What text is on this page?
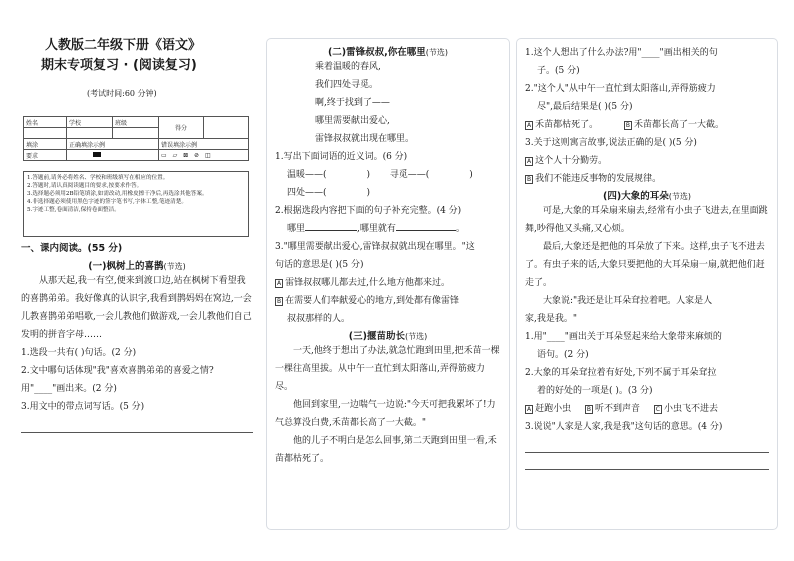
人教版二年级下册《语文》
期末专项复习 · (阅读复习)
(考试时间:60 分钟)
姓名	学校	班级	得分	

填涂	正确填涂示例		错误填涂示例	
要求			▭ ▱ ⊠ ⊘ ◫	
1.答题前,请务必将姓名、学校和班级填写在相应的位置。
2.答题时,请认真阅读题目的要求,按要求作答。
3.选择题必须用2B铅笔填涂,如需改动,用橡皮擦干净后,再选涂其他答案。
4.非选择题必须使用黑色字迹的签字笔书写,字体工整,笔迹清楚。
5.字迹工整,卷面清洁,保持卷面整洁。

一、课内阅读。(55 分)

(一)枫树上的喜鹊(节选)

从那天起,我一有空,便来到渡口边,站在枫树下看望我的喜鹊弟弟。我好像真的认识字,我看到鹊妈妈在窝边,一会儿教喜鹊弟弟唱歌,一会儿教他们做游戏,一会儿教他们自己发明的拼音字母……

1.选段一共有( )句话。(2 分)

2.文中哪句话体现"我"喜欢喜鹊弟弟的喜爱之情?

用"____"画出来。(2 分)

3.用文中的带点词写话。(5 分)

(二)雷锋叔叔,你在哪里(节选)

乘着温暖的春风,

我们四处寻觅。

啊,终于找到了——

哪里需要献出爱心,

雷锋叔叔就出现在哪里。

1.写出下面词语的近义词。(6 分)

温暖——(	) 寻觅——(	)

四处——(	)

2.根据选段内容把下面的句子补充完整。(4 分)

哪里	,哪里就有	。

3."哪里需要献出爱心,雷锋叔叔就出现在哪里。"这

句话的意思是( )(5 分)

A 雷锋叔叔哪儿都去过,什么地方他都来过。

B 在需要人们奉献爱心的地方,到处都有像雷锋

叔叔那样的人。

(三)揠苗助长(节选)

一天,他终于想出了办法,就急忙跑到田里,把禾苗一棵一棵往高里拔。从中午一直忙到太阳落山,弄得筋疲力尽。

他回到家里,一边喘气一边说:"今天可把我累坏了!力气总算没白费,禾苗都长高了一大截。"

他的儿子不明白是怎么回事,第二天跑到田里一看,禾苗都枯死了。

1.这个人想出了什么办法?用"____"画出相关的句

子。(5 分)

2."这个人"从中午一直忙到太阳落山,弄得筋疲力

尽",最后结果是( )(5 分)

A 禾苗都枯死了。	B 禾苗都长高了一大截。

3.关于这则寓言故事,说法正确的是( )(5 分)

A 这个人十分勤劳。

B 我们不能违反事物的发展规律。

(四)大象的耳朵(节选)

可是,大象的耳朵扇来扇去,经常有小虫子飞进去,在里面跳舞,吵得他又头痛,又心烦。

最后,大象还是把他的耳朵放了下来。这样,虫子飞不进去了。有虫子来的话,大象只要把他的大耳朵扇一扇,就把他们赶走了。

大象说:"我还是让耳朵耷拉着吧。人家是人

家,我是我。"

1.用"____"画出关于耳朵竖起来给大象带来麻烦的

语句。(2 分)

2.大象的耳朵耷拉着有好处,下列不属于耳朵耷拉

着的好处的一项是( )。(3 分)

A 赶跑小虫	B 听不到声音	C 小虫飞不进去

3.说说"人家是人家,我是我"这句话的意思。(4 分)
